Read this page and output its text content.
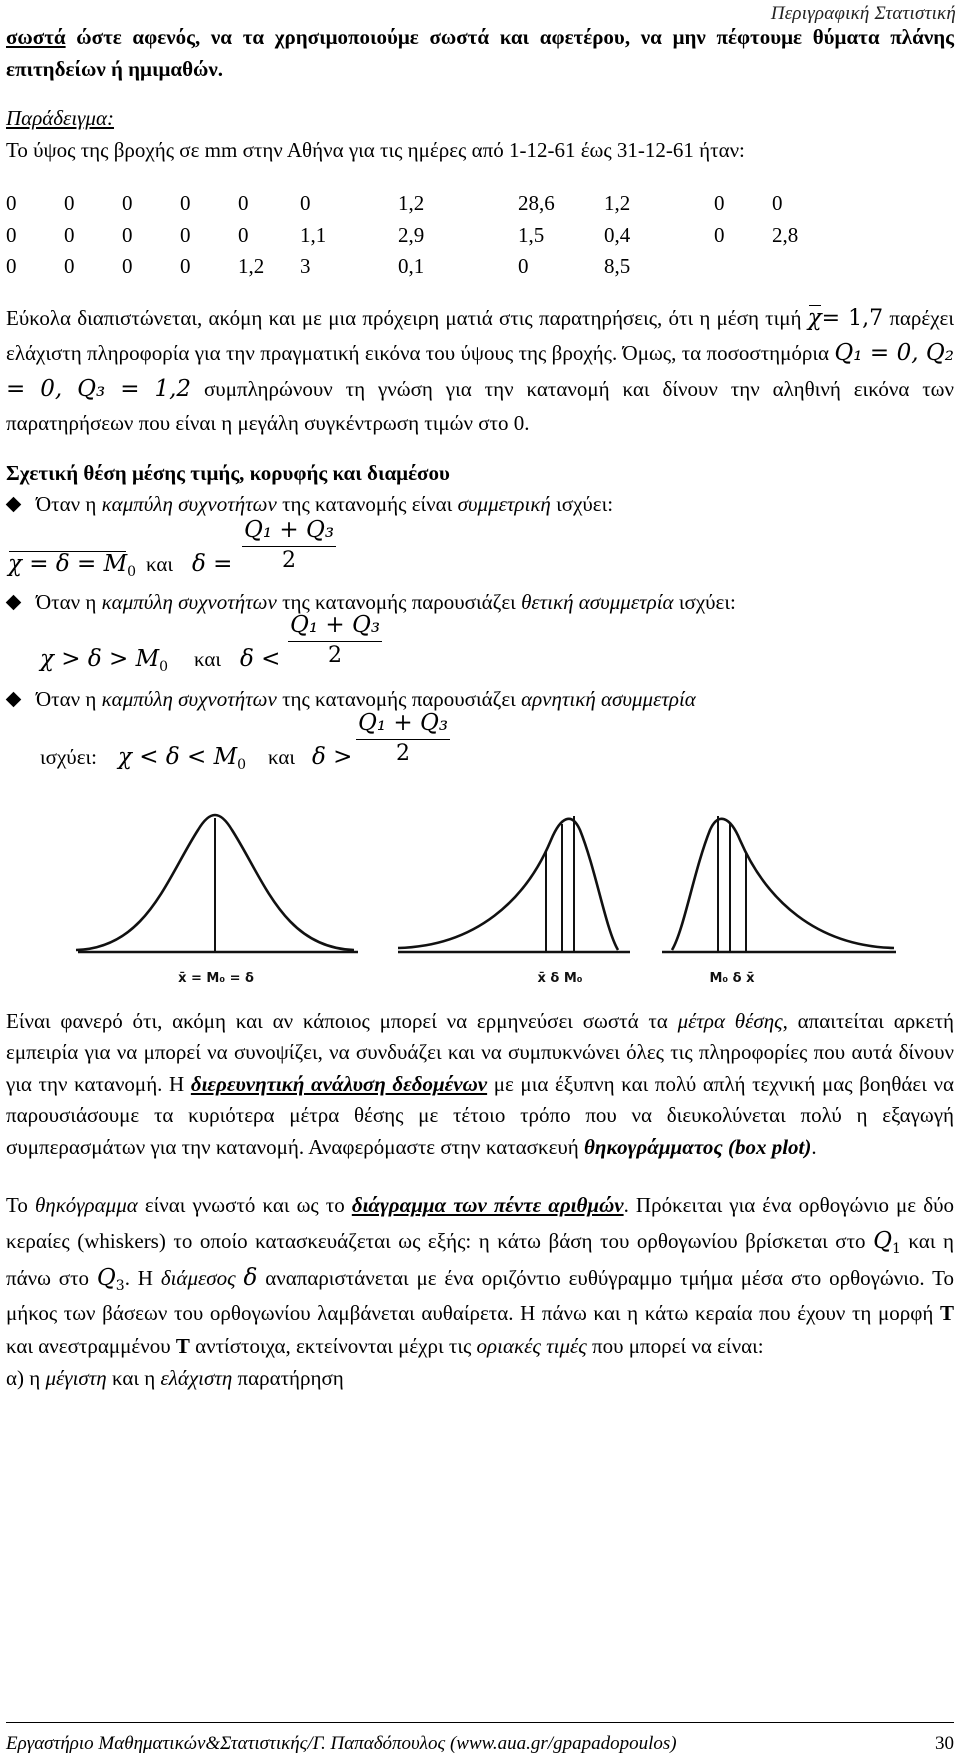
Περιγραφική Στατιστική

σωστά ώστε αφενός, να τα χρησιμοποιούμε σωστά και αφετέρου, να μην πέφτουμε θύματα πλάνης επιτηδείων ή ημιμαθών.

Παράδειγμα:

Το ύψος της βροχής σε mm στην Αθήνα για τις ημέρες από 1-12-61 έως 31-12-61 ήταν:

0	0	0	0	0	0	1,2	28,6	1,2	0	0
0	0	0	0	0	1,1	2,9	1,5	0,4	0	2,8
0	0	0	0	1,2	3	0,1	0	8,5		

Εύκολα διαπιστώνεται, ακόμη και με μια πρόχειρη ματιά στις παρατηρήσεις, ότι η μέση τιμή χ= 1,7 παρέχει ελάχιστη πληροφορία για την πραγματική εικόνα του ύψους της βροχής. Όμως, τα ποσοστημόρια Q₁ = 0, Q₂ = 0, Q₃ = 1,2 συμπληρώνουν τη γνώση για την κατανομή και δίνουν την αληθινή εικόνα των παρατηρήσεων που είναι η μεγάλη συγκέντρωση τιμών στο 0.

Σχετική θέση μέσης τιμής, κορυφής και διαμέσου
Όταν η καμπύλη συχνοτήτων της κατανομής είναι συμμετρική ισχύει:
$\chi = \delta = M_0$ και $\delta = \frac{\text{Q₁ + Q₃}}{2}$
Όταν η καμπύλη συχνοτήτων της κατανομής παρουσιάζει θετική ασυμμετρία ισχύει:
$\chi > \delta > M_0$ και $\delta < \frac{\text{Q₁ + Q₃}}{2}$
Όταν η καμπύλη συχνοτήτων της κατανομής παρουσιάζει αρνητική ασυμμετρία
ισχύει: $\chi < \delta < M_0$ και $\delta > \frac{\text{Q₁ + Q₃}}{2}$
x̄ = M₀ = δ	x̄ δ M₀	M₀ δ x̄

Είναι φανερό ότι, ακόμη και αν κάποιος μπορεί να ερμηνεύσει σωστά τα μέτρα θέσης, απαιτείται αρκετή εμπειρία για να μπορεί να συνοψίζει, να συνδυάζει και να συμπυκνώνει όλες τις πληροφορίες που αυτά δίνουν για την κατανομή. Η διερευνητική ανάλυση δεδομένων με μια έξυπνη και πολύ απλή τεχνική μας βοηθάει να παρουσιάσουμε τα κυριότερα μέτρα θέσης με τέτοιο τρόπο που να διευκολύνεται πολύ η εξαγωγή συμπερασμάτων για την κατανομή. Αναφερόμαστε στην κατασκευή θηκογράμματος (box plot).

Το θηκόγραμμα είναι γνωστό και ως το διάγραμμα των πέντε αριθμών. Πρόκειται για ένα ορθογώνιο με δύο κεραίες (whiskers) το οποίο κατασκευάζεται ως εξής: η κάτω βάση του ορθογωνίου βρίσκεται στο $Q_1$ και η πάνω στο $Q_3$. Η διάμεσος δ αναπαριστάνεται με ένα οριζόντιο ευθύγραμμο τμήμα μέσα στο ορθογώνιο. Το μήκος των βάσεων του ορθογωνίου λαμβάνεται αυθαίρετα. Η πάνω και η κάτω κεραία που έχουν τη μορφή Τ και ανεστραμμένου Τ αντίστοιχα, εκτείνονται μέχρι τις οριακές τιμές που μπορεί να είναι:

α) η μέγιστη και η ελάχιστη παρατήρηση

Εργαστήριο Μαθηματικών&Στατιστικής/Γ. Παπαδόπουλος (www.aua.gr/gpapadopoulos)	30
